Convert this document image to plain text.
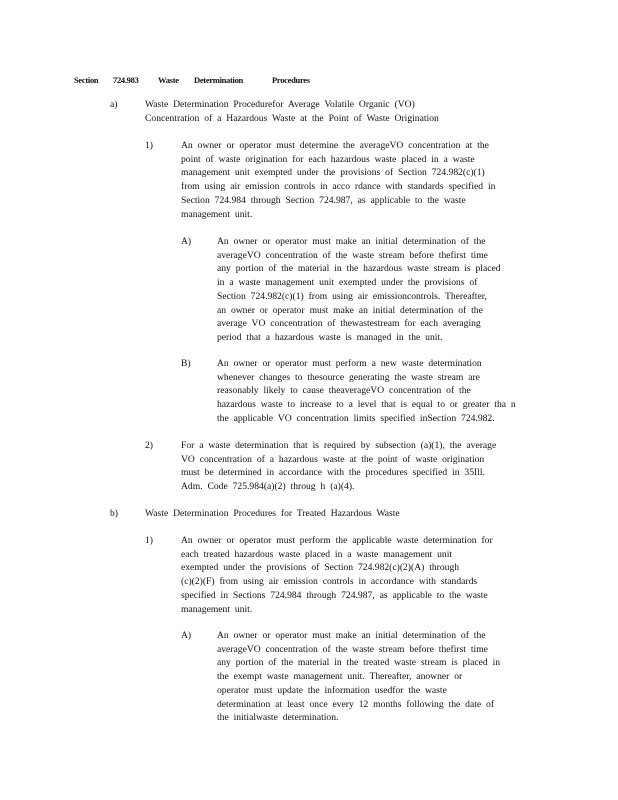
Section 724.983 Waste Determination	Procedures
a)	Waste Determination Procedurefor Average Volatile Organic (VO)
Concentration of a Hazardous Waste at the Point of Waste Origination
1)	An owner or operator must determine the averageVO concentration at the
point of waste origination for each hazardous waste placed in a waste
management unit exempted under the provisions of Section 724.982(c)(1)
from using air emission controls in acco rdance with standards specified in
Section 724.984 through Section 724.987, as applicable to the waste
management unit.
A)	An owner or operator must make an initial determination of the
averageVO concentration of the waste stream before thefirst time
any portion of the material in the hazardous waste stream is placed
in a waste management unit exempted under the provisions of
Section 724.982(c)(1) from using air emissioncontrols. Thereafter,
an owner or operator must make an initial determination of the
average VO concentration of thewastestream for each averaging
period that a hazardous waste is managed in the unit.
B)	An owner or operator must perform a new waste determination
whenever changes to thesource generating the waste stream are
reasonably likely to cause theaverageVO concentration of the
hazardous waste to increase to a level that is equal to or greater tha n
the applicable VO concentration limits specified inSection 724.982.
2)	For a waste determination that is required by subsection (a)(1), the average
VO concentration of a hazardous waste at the point of waste origination
must be determined in accordance with the procedures specified in 35Ill.
Adm. Code 725.984(a)(2) throug h (a)(4).
b)	Waste Determination Procedures for Treated Hazardous Waste
1)	An owner or operator must perform the applicable waste determination for
each treated hazardous waste placed in a waste management unit
exempted under the provisions of Section 724.982(c)(2)(A) through
(c)(2)(F) from using air emission controls in accordance with standards
specified in Sections 724.984 through 724.987, as applicable to the waste
management unit.
A)	An owner or operator must make an initial determination of the
averageVO concentration of the waste stream before thefirst time
any portion of the material in the treated waste stream is placed in
the exempt waste management unit. Thereafter, anowner or
operator must update the information usedfor the waste
determination at least once every 12 months following the date of
the initialwaste determination.
